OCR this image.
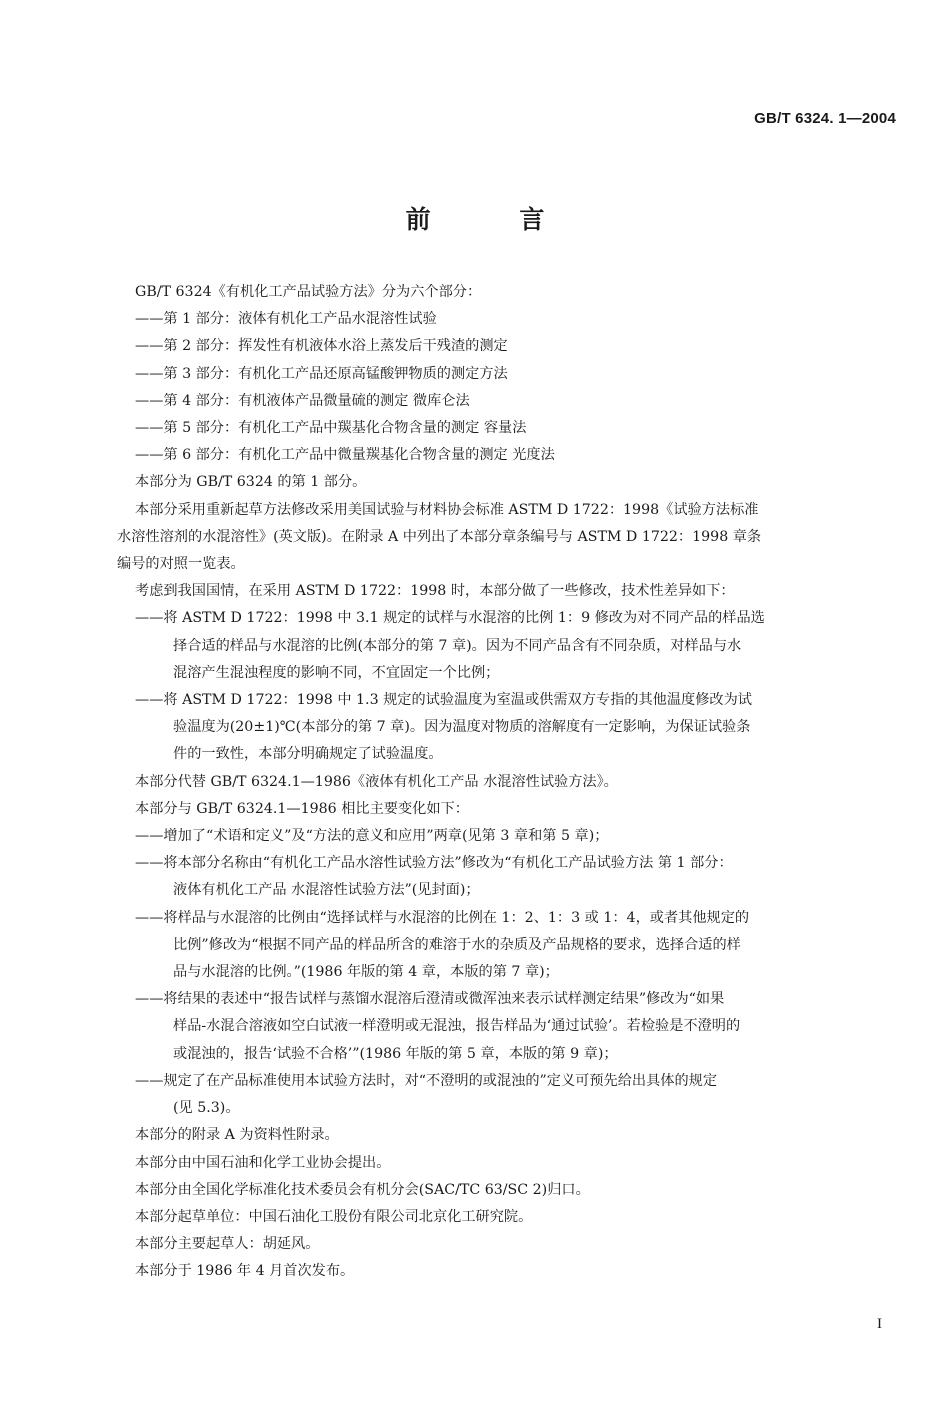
GB/T 6324. 1—2004
前 言
GB/T 6324《有机化工产品试验方法》分为六个部分：
——第 1 部分：液体有机化工产品水混溶性试验
——第 2 部分：挥发性有机液体水浴上蒸发后干残渣的测定
——第 3 部分：有机化工产品还原高锰酸钾物质的测定方法
——第 4 部分：有机液体产品微量硫的测定 微库仑法
——第 5 部分：有机化工产品中羰基化合物含量的测定 容量法
——第 6 部分：有机化工产品中微量羰基化合物含量的测定 光度法
本部分为 GB/T 6324 的第 1 部分。
本部分采用重新起草方法修改采用美国试验与材料协会标准 ASTM D 1722：1998《试验方法标准
水溶性溶剂的水混溶性》(英文版)。在附录 A 中列出了本部分章条编号与 ASTM D 1722：1998 章条
编号的对照一览表。
考虑到我国国情，在采用 ASTM D 1722：1998 时，本部分做了一些修改，技术性差异如下：
——将 ASTM D 1722：1998 中 3.1 规定的试样与水混溶的比例 1：9 修改为对不同产品的样品选
择合适的样品与水混溶的比例(本部分的第 7 章)。因为不同产品含有不同杂质，对样品与水
混溶产生混浊程度的影响不同，不宜固定一个比例；
——将 ASTM D 1722：1998 中 1.3 规定的试验温度为室温或供需双方专指的其他温度修改为试
验温度为(20±1)℃(本部分的第 7 章)。因为温度对物质的溶解度有一定影响，为保证试验条
件的一致性，本部分明确规定了试验温度。
本部分代替 GB/T 6324.1—1986《液体有机化工产品 水混溶性试验方法》。
本部分与 GB/T 6324.1—1986 相比主要变化如下：
——增加了“术语和定义”及“方法的意义和应用”两章(见第 3 章和第 5 章)；
——将本部分名称由“有机化工产品水溶性试验方法”修改为“有机化工产品试验方法 第 1 部分：
液体有机化工产品 水混溶性试验方法”(见封面)；
——将样品与水混溶的比例由“选择试样与水混溶的比例在 1：2、1：3 或 1：4，或者其他规定的
比例”修改为“根据不同产品的样品所含的难溶于水的杂质及产品规格的要求，选择合适的样
品与水混溶的比例。”(1986 年版的第 4 章，本版的第 7 章)；
——将结果的表述中“报告试样与蒸馏水混溶后澄清或微浑浊来表示试样测定结果”修改为“如果
样品-水混合溶液如空白试液一样澄明或无混浊，报告样品为‘通过试验’。若检验是不澄明的
或混浊的，报告‘试验不合格’”(1986 年版的第 5 章，本版的第 9 章)；
——规定了在产品标准使用本试验方法时，对“不澄明的或混浊的”定义可预先给出具体的规定
(见 5.3)。
本部分的附录 A 为资料性附录。
本部分由中国石油和化学工业协会提出。
本部分由全国化学标准化技术委员会有机分会(SAC/TC 63/SC 2)归口。
本部分起草单位：中国石油化工股份有限公司北京化工研究院。
本部分主要起草人：胡延风。
本部分于 1986 年 4 月首次发布。
I
